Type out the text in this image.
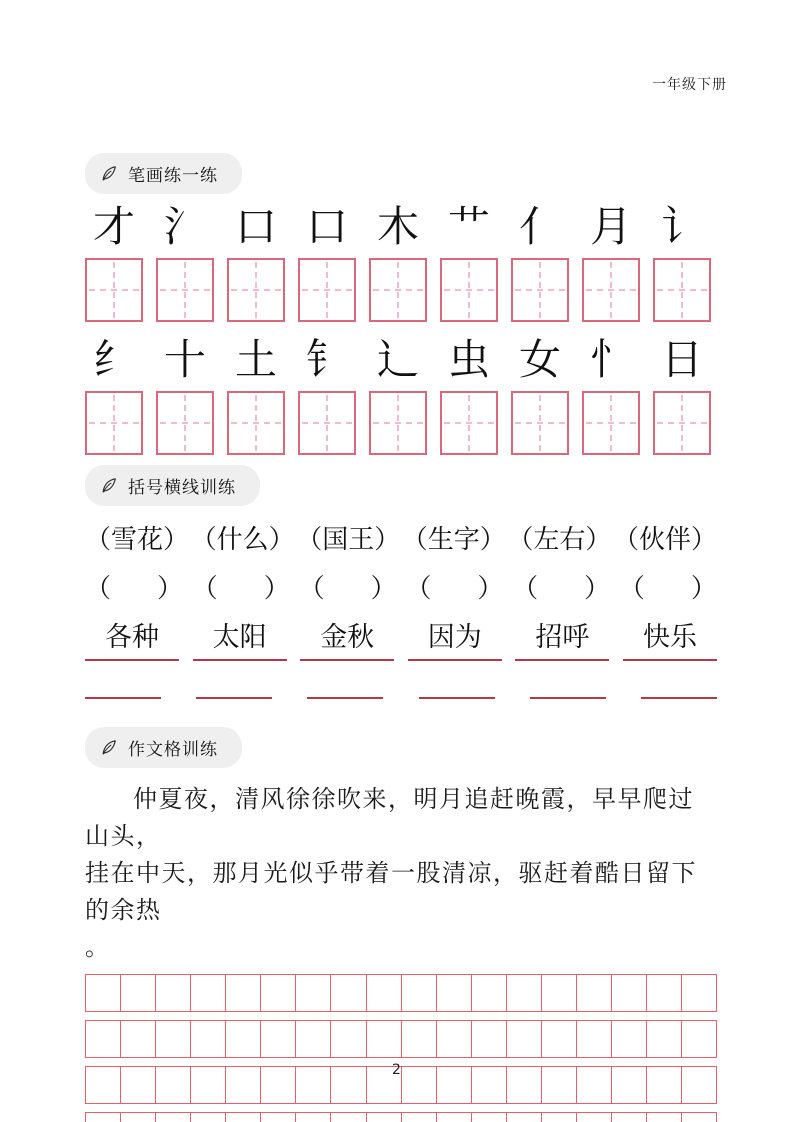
一年级下册
笔画练一练
才 氵 口 口 木 艹 亻 月 讠
纟 十 土 钅 辶 虫 女 忄 日
括号横线训练
（雪花） （什么） （国王） （生字） （左右） （伙伴）
（ ） （ ） （ ） （ ） （ ） （ ）
各种	太阳	金秋	因为	招呼	快乐
作文格训练
仲夏夜，清风徐徐吹来，明月追赶晚霞，早早爬过山头，
挂在中天，那月光似乎带着一股清凉，驱赶着酷日留下的余热
。
2
